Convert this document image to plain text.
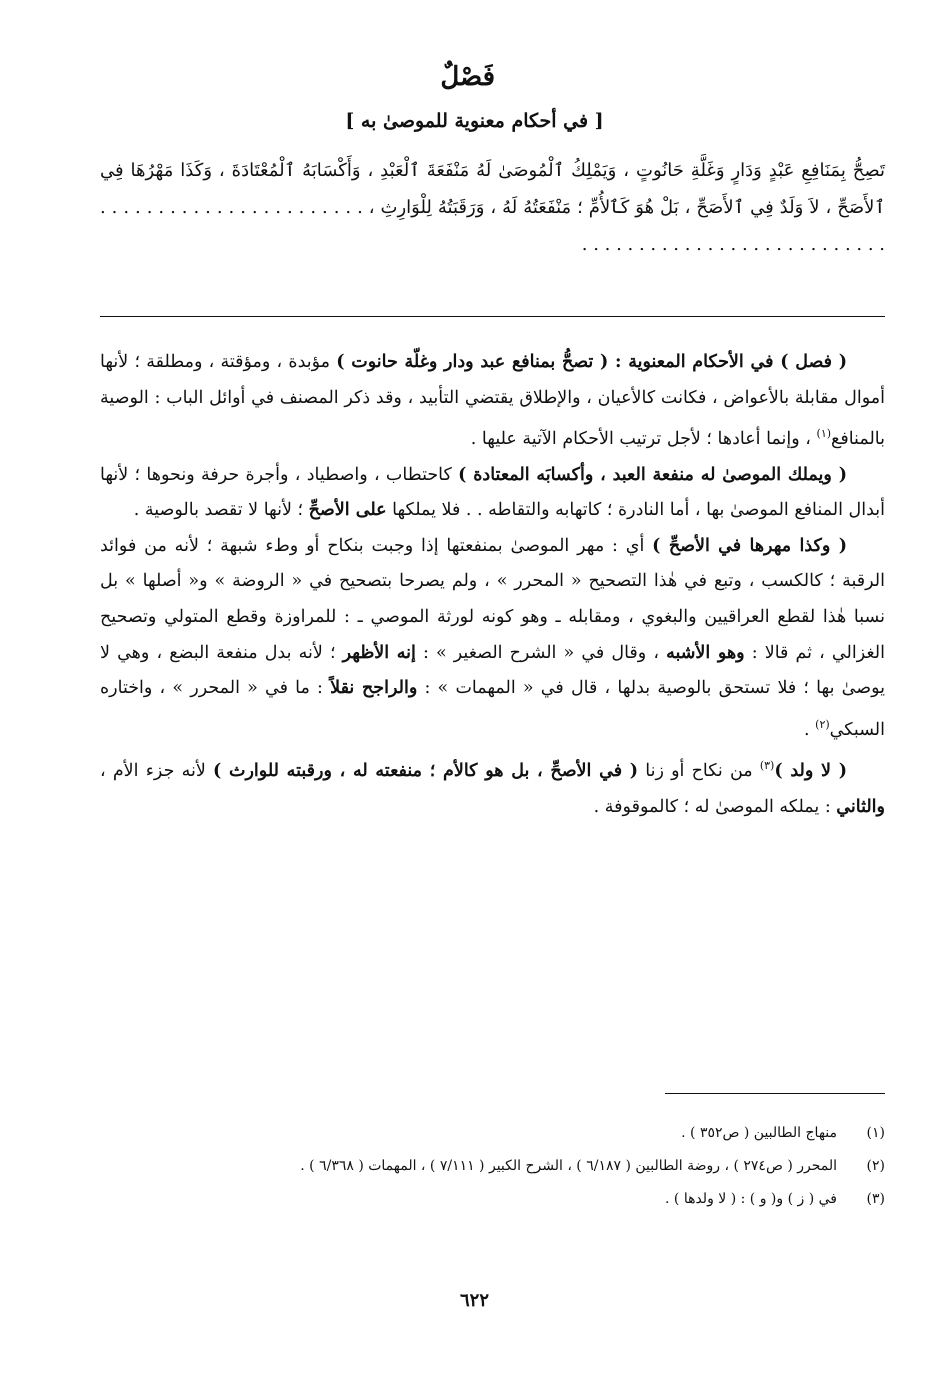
فَصْلٌ
[ في أحكام معنوية للموصىٰ به ]
تَصِحُّ بِمَنَافِعِ عَبْدٍ وَدَارٍ وَغَلَّةِ حَانُوتٍ ، وَيَمْلِكُ ٱلْمُوصَىٰ لَهُ مَنْفَعَةَ ٱلْعَبْدِ ، وَأَكْسَابَهُ ٱلْمُعْتَادَةَ ، وَكَذَا مَهْرُهَا فِي ٱلأَصَحِّ ، لاَ وَلَدٌ فِي ٱلأَصَحِّ ، بَلْ هُوَ كَٱلأُمِّ ؛ مَنْفَعَتُهُ لَهُ ، وَرَقَبَتُهُ لِلْوَارِثِ ، . . . . . . . . . . . . . . . . . . . . . . . . . . . . . . . . . . . . . . . . . . . . . . . . . .

( فصل ) في الأحكام المعنوية : ( تصحُّ بمنافع عبد ودار وغلّة حانوت ) مؤبدة ، ومؤقتة ، ومطلقة ؛ لأنها أموال مقابلة بالأعواض ، فكانت كالأعيان ، والإطلاق يقتضي التأبيد ، وقد ذكر المصنف في أوائل الباب : الوصية بالمنافع$^{(١)}$ ، وإنما أعادها ؛ لأجل ترتيب الأحكام الآتية عليها .

( ويملك الموصىٰ له منفعة العبد ، وأكسابَه المعتادة ) كاحتطاب ، واصطياد ، وأجرة حرفة ونحوها ؛ لأنها أبدال المنافع الموصىٰ بها ، أما النادرة ؛ كاتهابه والتقاطه . . فلا يملكها على الأصحِّ ؛ لأنها لا تقصد بالوصية .

( وكذا مهرها في الأصحِّ ) أي : مهر الموصىٰ بمنفعتها إذا وجبت بنكاح أو وطء شبهة ؛ لأنه من فوائد الرقبة ؛ كالكسب ، وتبع في هٰذا التصحيح « المحرر » ، ولم يصرحا بتصحيح في « الروضة » و« أصلها » بل نسبا هٰذا لقطع العراقيين والبغوي ، ومقابله ـ وهو كونه لورثة الموصي ـ : للمراوزة وقطع المتولي وتصحيح الغزالي ، ثم قالا : وهو الأشبه ، وقال في « الشرح الصغير » : إنه الأظهر ؛ لأنه بدل منفعة البضع ، وهي لا يوصىٰ بها ؛ فلا تستحق بالوصية بدلها ، قال في « المهمات » : والراجح نقلاً : ما في « المحرر » ، واختاره السبكي$^{(٢)}$ .

( لا ولد )$^{(٣)}$ من نكاح أو زنا ( في الأصحِّ ، بل هو كالأم ؛ منفعته له ، ورقبته للوارث ) لأنه جزء الأم ، والثاني : يملكه الموصىٰ له ؛ كالموقوفة .

(١)
منهاج الطالبين ( ص٣٥٢ ) .
(٢)
المحرر ( ص٢٧٤ ) ، روضة الطالبين ( ٦/١٨٧ ) ، الشرح الكبير ( ٧/١١١ ) ، المهمات ( ٦/٣٦٨ ) .
(٣)
في ( ز ) و( و ) : ( لا ولدها ) .
٦٢٢
